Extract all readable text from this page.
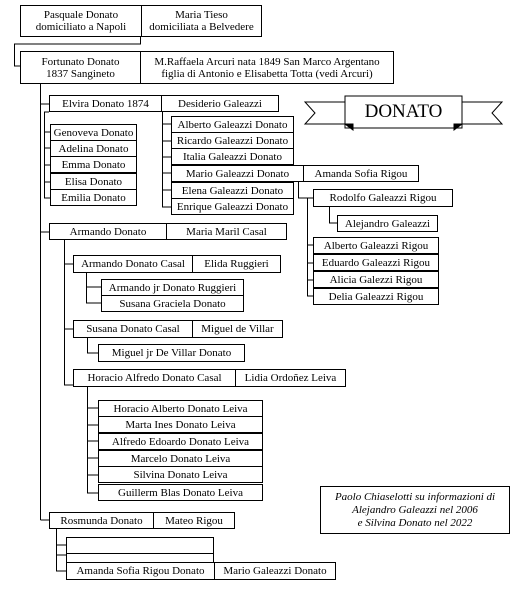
DONATO
Pasquale Donato
domiciliato a Napoli
Maria Tieso
domiciliata a Belvedere
Fortunato Donato
1837 Sangineto
M.Raffaela Arcuri nata 1849 San Marco Argentano
figlia di Antonio e Elisabetta Totta (vedi Arcuri)
Elvira Donato 1874	Desiderio Galeazzi
Genoveva Donato
Adelina Donato
Emma Donato
Elisa Donato
Emilia Donato
Alberto Galeazzi Donato
Ricardo Galeazzi Donato
Italia Galeazzi Donato
Mario Galeazzi Donato	Amanda Sofia Rigou
Elena Galeazzi Donato
Enrique Galeazzi Donato
Rodolfo Galeazzi Rigou
Alejandro Galeazzi
Alberto Galeazzi Rigou
Eduardo Galeazzi Rigou
Alicia Galezzi Rigou
Delia Galeazzi Rigou
Armando Donato	Maria Maril Casal
Armando Donato Casal	Elida Ruggieri
Armando jr Donato Ruggieri
Susana Graciela Donato
Susana Donato Casal	Miguel de Villar
Miguel jr De Villar Donato
Horacio Alfredo Donato Casal	Lidia Ordoñez Leiva
Horacio Alberto Donato Leiva
Marta Ines Donato Leiva
Alfredo Edoardo Donato Leiva
Marcelo Donato Leiva
Silvina Donato Leiva
Guillerm Blas Donato Leiva
Rosmunda Donato	Mateo Rigou
Amanda Sofia Rigou Donato	Mario Galeazzi Donato
Paolo Chiaselotti su informazioni di
Alejandro Galeazzi nel 2006
e Silvina Donato nel 2022
